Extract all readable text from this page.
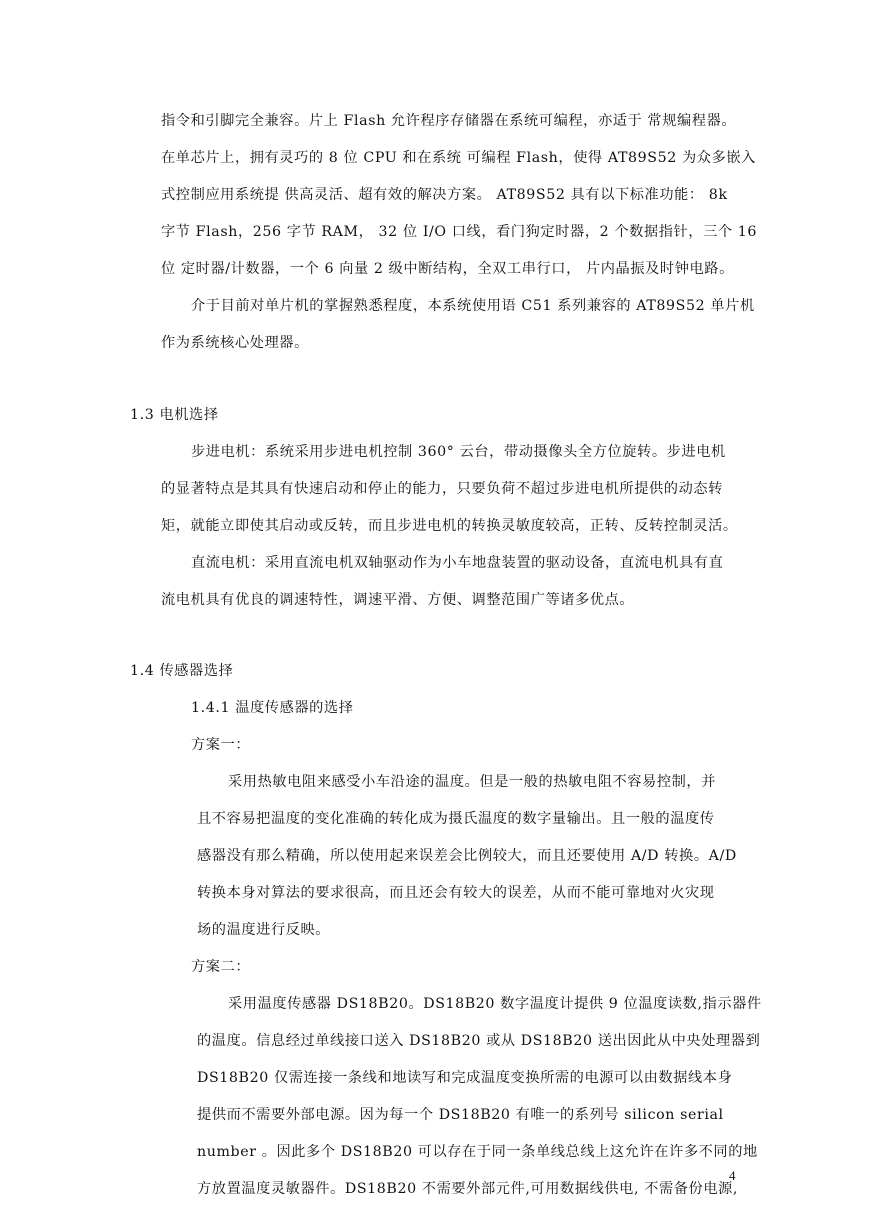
指令和引脚完全兼容。片上 Flash 允许程序存储器在系统可编程，亦适于 常规编程器。
在单芯片上，拥有灵巧的 8 位 CPU 和在系统 可编程 Flash，使得 AT89S52 为众多嵌入
式控制应用系统提 供高灵活、超有效的解决方案。 AT89S52 具有以下标准功能： 8k
字节 Flash，256 字节 RAM， 32 位 I/O 口线，看门狗定时器，2 个数据指针，三个 16
位 定时器/计数器，一个 6 向量 2 级中断结构，全双工串行口， 片内晶振及时钟电路。
介于目前对单片机的掌握熟悉程度，本系统使用语 C51 系列兼容的 AT89S52 单片机
作为系统核心处理器。
1.3 电机选择
步进电机：系统采用步进电机控制 360° 云台，带动摄像头全方位旋转。步进电机
的显著特点是其具有快速启动和停止的能力，只要负荷不超过步进电机所提供的动态转
矩，就能立即使其启动或反转，而且步进电机的转换灵敏度较高，正转、反转控制灵活。
直流电机：采用直流电机双轴驱动作为小车地盘装置的驱动设备，直流电机具有直
流电机具有优良的调速特性，调速平滑、方便、调整范围广等诸多优点。
1.4 传感器选择
1.4.1 温度传感器的选择
方案一：
采用热敏电阻来感受小车沿途的温度。但是一般的热敏电阻不容易控制，并
且不容易把温度的变化准确的转化成为摄氏温度的数字量输出。且一般的温度传
感器没有那么精确，所以使用起来误差会比例较大，而且还要使用 A/D 转换。A/D
转换本身对算法的要求很高，而且还会有较大的误差，从而不能可靠地对火灾现
场的温度进行反映。
方案二：
采用温度传感器 DS18B20。DS18B20 数字温度计提供 9 位温度读数,指示器件
的温度。信息经过单线接口送入 DS18B20 或从 DS18B20 送出因此从中央处理器到
DS18B20 仅需连接一条线和地读写和完成温度变换所需的电源可以由数据线本身
提供而不需要外部电源。因为每一个 DS18B20 有唯一的系列号 silicon serial
number 。因此多个 DS18B20 可以存在于同一条单线总线上这允许在许多不同的地
方放置温度灵敏器件。DS18B20 不需要外部元件,可用数据线供电, 不需备份电源,
4
